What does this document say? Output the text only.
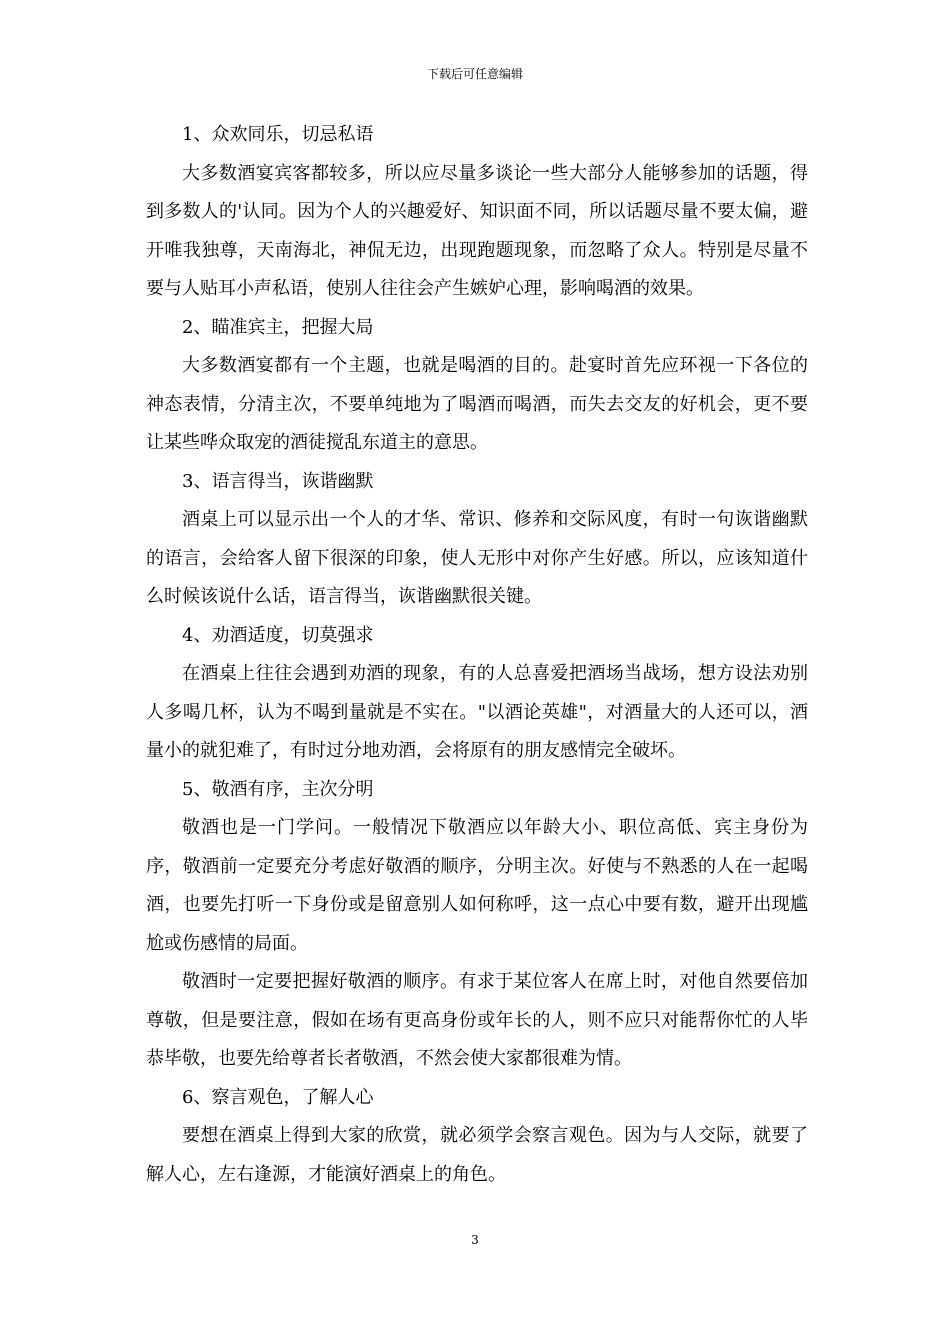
下载后可任意编辑

1、众欢同乐，切忌私语

大多数酒宴宾客都较多，所以应尽量多谈论一些大部分人能够参加的话题，得到多数人的'认同。因为个人的兴趣爱好、知识面不同，所以话题尽量不要太偏，避开唯我独尊，天南海北，神侃无边，出现跑题现象，而忽略了众人。特别是尽量不要与人贴耳小声私语，使别人往往会产生嫉妒心理，影响喝酒的效果。

2、瞄准宾主，把握大局

大多数酒宴都有一个主题，也就是喝酒的目的。赴宴时首先应环视一下各位的神态表情，分清主次，不要单纯地为了喝酒而喝酒，而失去交友的好机会，更不要让某些哗众取宠的酒徒搅乱东道主的意思。

3、语言得当，诙谐幽默

酒桌上可以显示出一个人的才华、常识、修养和交际风度，有时一句诙谐幽默的语言，会给客人留下很深的印象，使人无形中对你产生好感。所以，应该知道什么时候该说什么话，语言得当，诙谐幽默很关键。

4、劝酒适度，切莫强求

在酒桌上往往会遇到劝酒的现象，有的人总喜爱把酒场当战场，想方设法劝别人多喝几杯，认为不喝到量就是不实在。"以酒论英雄"，对酒量大的人还可以，酒量小的就犯难了，有时过分地劝酒，会将原有的朋友感情完全破坏。

5、敬酒有序，主次分明

敬酒也是一门学问。一般情况下敬酒应以年龄大小、职位高低、宾主身份为序，敬酒前一定要充分考虑好敬酒的顺序，分明主次。好使与不熟悉的人在一起喝酒，也要先打听一下身份或是留意别人如何称呼，这一点心中要有数，避开出现尴尬或伤感情的局面。

敬酒时一定要把握好敬酒的顺序。有求于某位客人在席上时，对他自然要倍加尊敬，但是要注意，假如在场有更高身份或年长的人，则不应只对能帮你忙的人毕恭毕敬，也要先给尊者长者敬酒，不然会使大家都很难为情。

6、察言观色，了解人心

要想在酒桌上得到大家的欣赏，就必须学会察言观色。因为与人交际，就要了解人心，左右逢源，才能演好酒桌上的角色。

3
